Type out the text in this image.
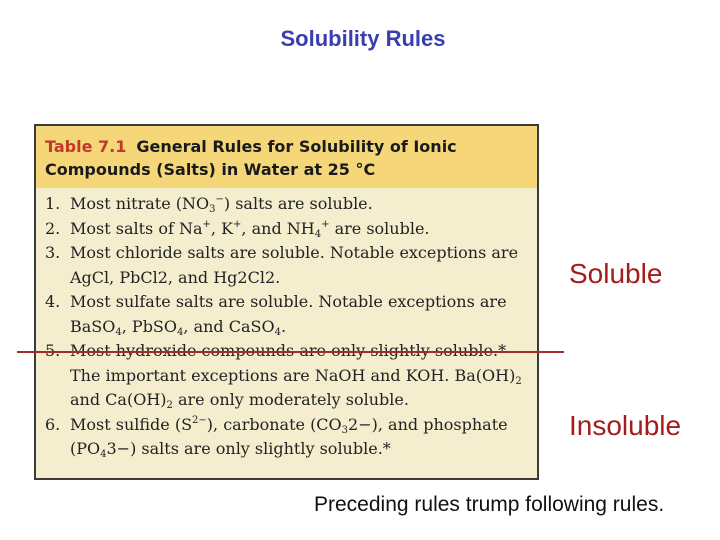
Solubility Rules
Table 7.1 General Rules for Solubility of Ionic
Compounds (Salts) in Water at 25 °C
1. Most nitrate $(NO_3^-)$ salts are soluble.
2. Most salts of Na+, K+, and $NH_4^+$ are soluble.
3. Most chloride salts are soluble. Notable exceptions are AgCl, PbCl2, and Hg2Cl2.
4. Most sulfate salts are soluble. Notable exceptions are BaSO$_4$, PbSO$_4$, and CaSO$_4$.
5. Most hydroxide compounds are only slightly soluble.* The important exceptions are NaOH and KOH. $Ba(OH)_2$ and $Ca(OH)_2$ are only moderately soluble.
6. Most sulfide $(S^{2-})$, carbonate $(CO_32-)$, and phosphate $(PO_43-)$ salts are only slightly soluble.*
Soluble
Insoluble
Preceding rules trump following rules.
